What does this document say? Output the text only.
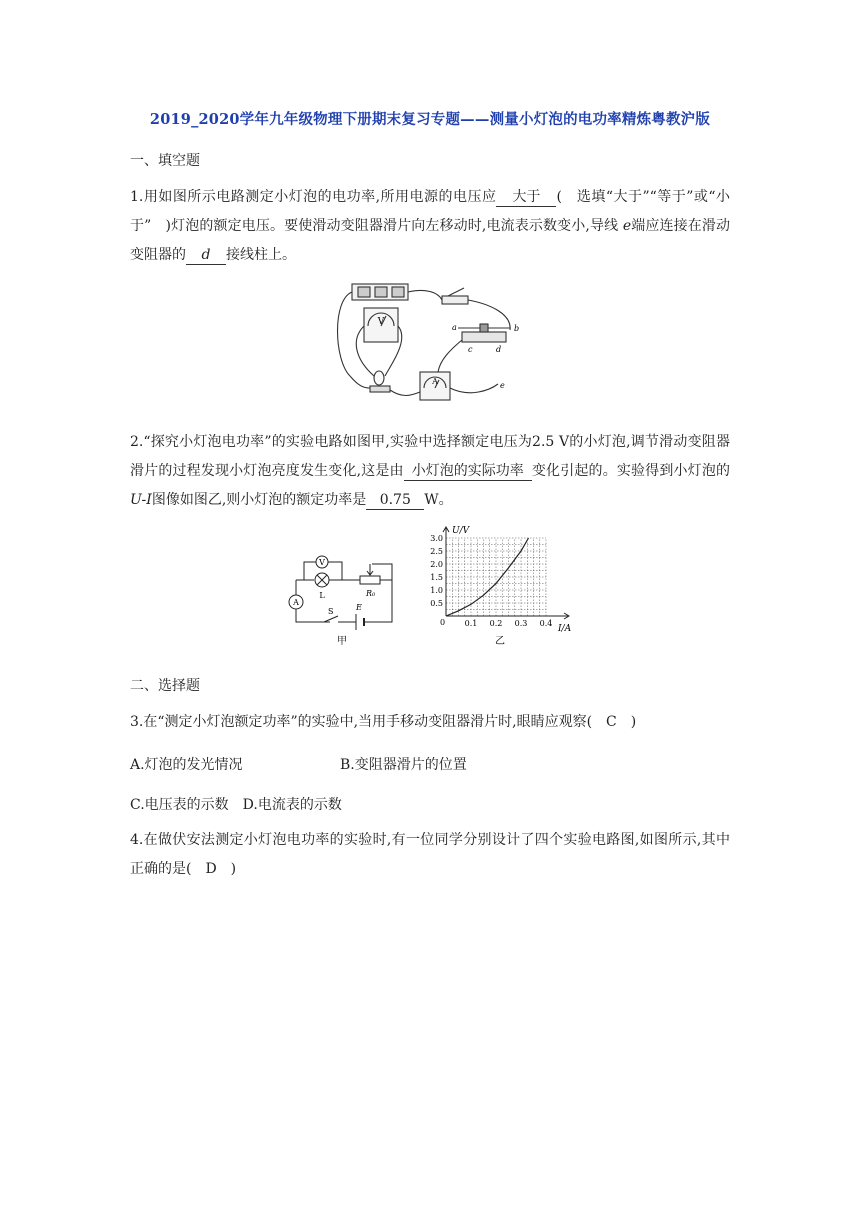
2019_2020学年九年级物理下册期末复习专题——测量小灯泡的电功率精炼粤教沪版
一、填空题
1.用如图所示电路测定小灯泡的电功率,所用电源的电压应 大于 (　选填“大于”“等于”或“小于”　)灯泡的额定电压。要使滑动变阻器滑片向左移动时,电流表示数变小,导线 e端应连接在滑动变阻器的 d 接线柱上。
V
A
a	b
c	d
e
2.“探究小灯泡电功率”的实验电路如图甲,实验中选择额定电压为2.5 V的小灯泡,调节滑动变阻器滑片的过程发现小灯泡亮度发生变化,这是由 小灯泡的实际功率 变化引起的。实验得到小灯泡的U-I图像如图乙,则小灯泡的额定功率是 0.75 W。
V
A
L
S	E
R₀
甲
0.1 0.2 0.3 0.4
0.5
1.0
1.5
2.0
2.5
3.0
U/V
I/A
0
乙
二、选择题
3.在“测定小灯泡额定功率”的实验中,当用手移动变阻器滑片时,眼睛应观察(　C　)
A.灯泡的发光情况	B.变阻器滑片的位置
C.电压表的示数　D.电流表的示数
4.在做伏安法测定小灯泡电功率的实验时,有一位同学分别设计了四个实验电路图,如图所示,其中正确的是(　D　)
